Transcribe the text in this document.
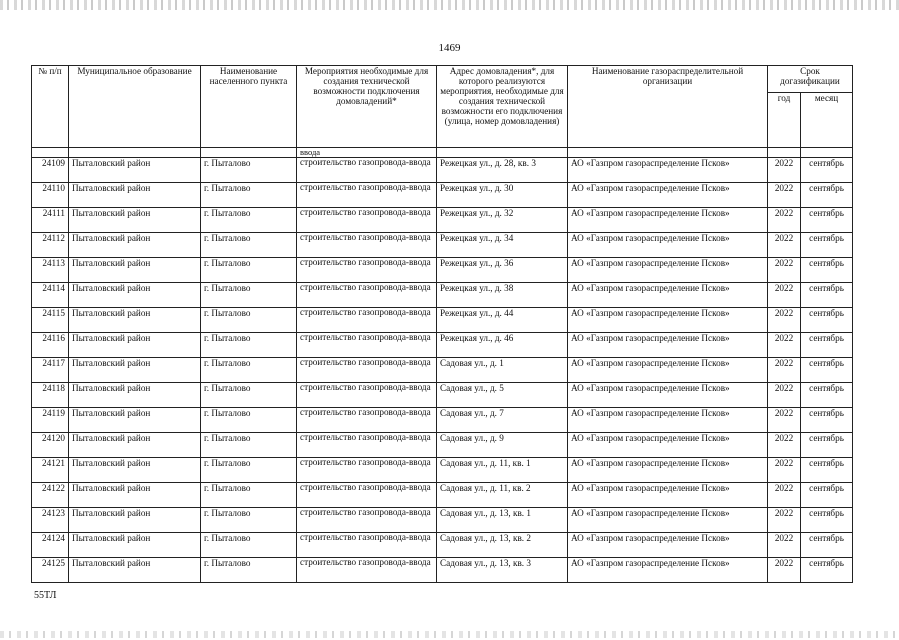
1469
№ п/п	Муниципальное образование	Наименование населенного пункта	Мероприятия необходимые для создания технической возможности подключения домовладений*	Адрес домовладения*, для которого реализуются мероприятия, необходимые для создания технической возможности его подключения (улица, номер домовладения)	Наименование газораспределительной организации	Срок догазификации	
						год	месяц
			ввода				
24109	Пыталовский район	г. Пыталово	строительство газопровода-ввода	Режецкая ул., д. 28, кв. 3	АО «Газпром газораспределение Псков»	2022	сентябрь
24110	Пыталовский район	г. Пыталово	строительство газопровода-ввода	Режецкая ул., д. 30	АО «Газпром газораспределение Псков»	2022	сентябрь
24111	Пыталовский район	г. Пыталово	строительство газопровода-ввода	Режецкая ул., д. 32	АО «Газпром газораспределение Псков»	2022	сентябрь
24112	Пыталовский район	г. Пыталово	строительство газопровода-ввода	Режецкая ул., д. 34	АО «Газпром газораспределение Псков»	2022	сентябрь
24113	Пыталовский район	г. Пыталово	строительство газопровода-ввода	Режецкая ул., д. 36	АО «Газпром газораспределение Псков»	2022	сентябрь
24114	Пыталовский район	г. Пыталово	строительство газопровода-ввода	Режецкая ул., д. 38	АО «Газпром газораспределение Псков»	2022	сентябрь
24115	Пыталовский район	г. Пыталово	строительство газопровода-ввода	Режецкая ул., д. 44	АО «Газпром газораспределение Псков»	2022	сентябрь
24116	Пыталовский район	г. Пыталово	строительство газопровода-ввода	Режецкая ул., д. 46	АО «Газпром газораспределение Псков»	2022	сентябрь
24117	Пыталовский район	г. Пыталово	строительство газопровода-ввода	Садовая ул., д. 1	АО «Газпром газораспределение Псков»	2022	сентябрь
24118	Пыталовский район	г. Пыталово	строительство газопровода-ввода	Садовая ул., д. 5	АО «Газпром газораспределение Псков»	2022	сентябрь
24119	Пыталовский район	г. Пыталово	строительство газопровода-ввода	Садовая ул., д. 7	АО «Газпром газораспределение Псков»	2022	сентябрь
24120	Пыталовский район	г. Пыталово	строительство газопровода-ввода	Садовая ул., д. 9	АО «Газпром газораспределение Псков»	2022	сентябрь
24121	Пыталовский район	г. Пыталово	строительство газопровода-ввода	Садовая ул., д. 11, кв. 1	АО «Газпром газораспределение Псков»	2022	сентябрь
24122	Пыталовский район	г. Пыталово	строительство газопровода-ввода	Садовая ул., д. 11, кв. 2	АО «Газпром газораспределение Псков»	2022	сентябрь
24123	Пыталовский район	г. Пыталово	строительство газопровода-ввода	Садовая ул., д. 13, кв. 1	АО «Газпром газораспределение Псков»	2022	сентябрь
24124	Пыталовский район	г. Пыталово	строительство газопровода-ввода	Садовая ул., д. 13, кв. 2	АО «Газпром газораспределение Псков»	2022	сентябрь
24125	Пыталовский район	г. Пыталово	строительство газопровода-ввода	Садовая ул., д. 13, кв. 3	АО «Газпром газораспределение Псков»	2022	сентябрь
55ТЛ
